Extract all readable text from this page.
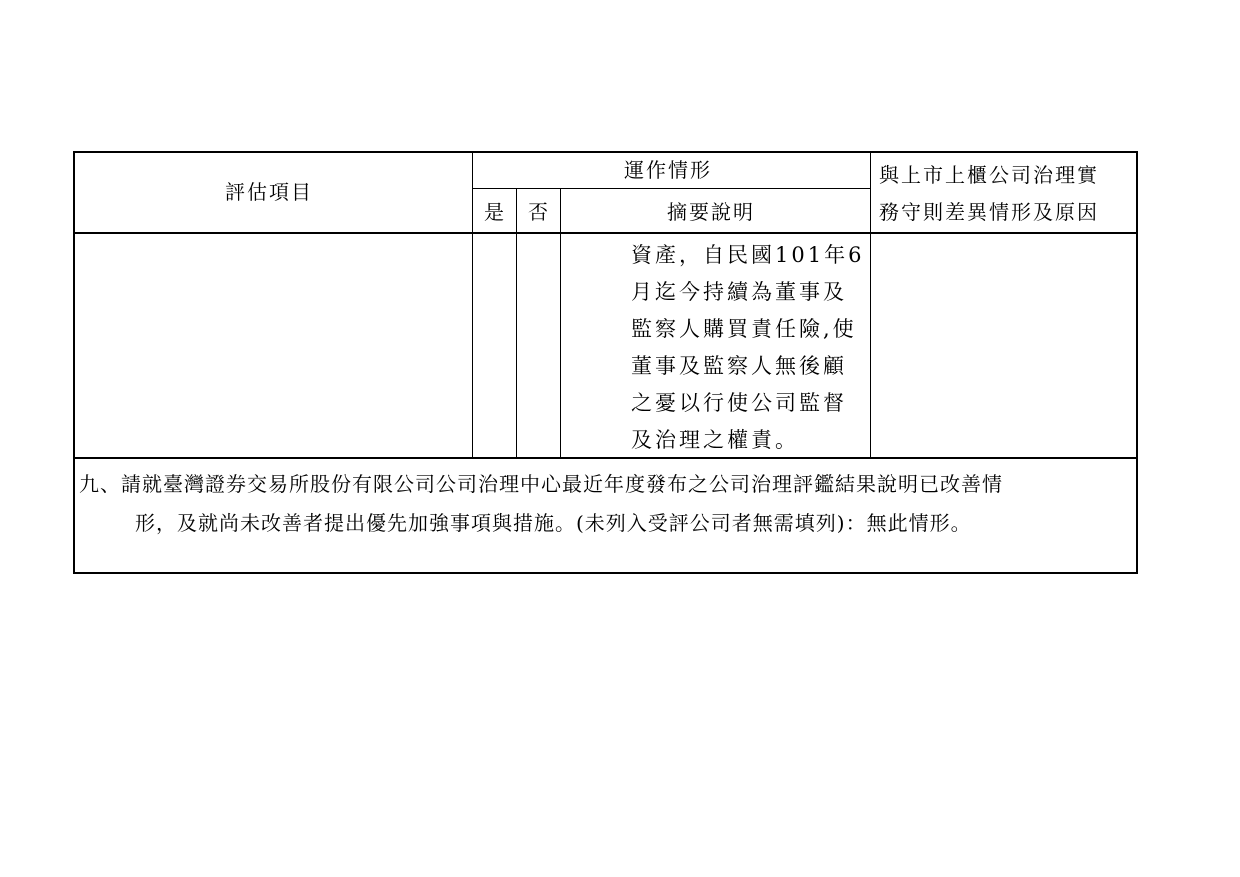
評估項目
運作情形
是 否	摘要說明
與上市上櫃公司治理實
務守則差異情形及原因
資產，自民國101年6
月迄今持續為董事及
監察人購買責任險,使
董事及監察人無後顧
之憂以行使公司監督
及治理之權責。
九、請就臺灣證券交易所股份有限公司公司治理中心最近年度發布之公司治理評鑑結果說明已改善情
形，及就尚未改善者提出優先加強事項與措施。(未列入受評公司者無需填列)：無此情形。
